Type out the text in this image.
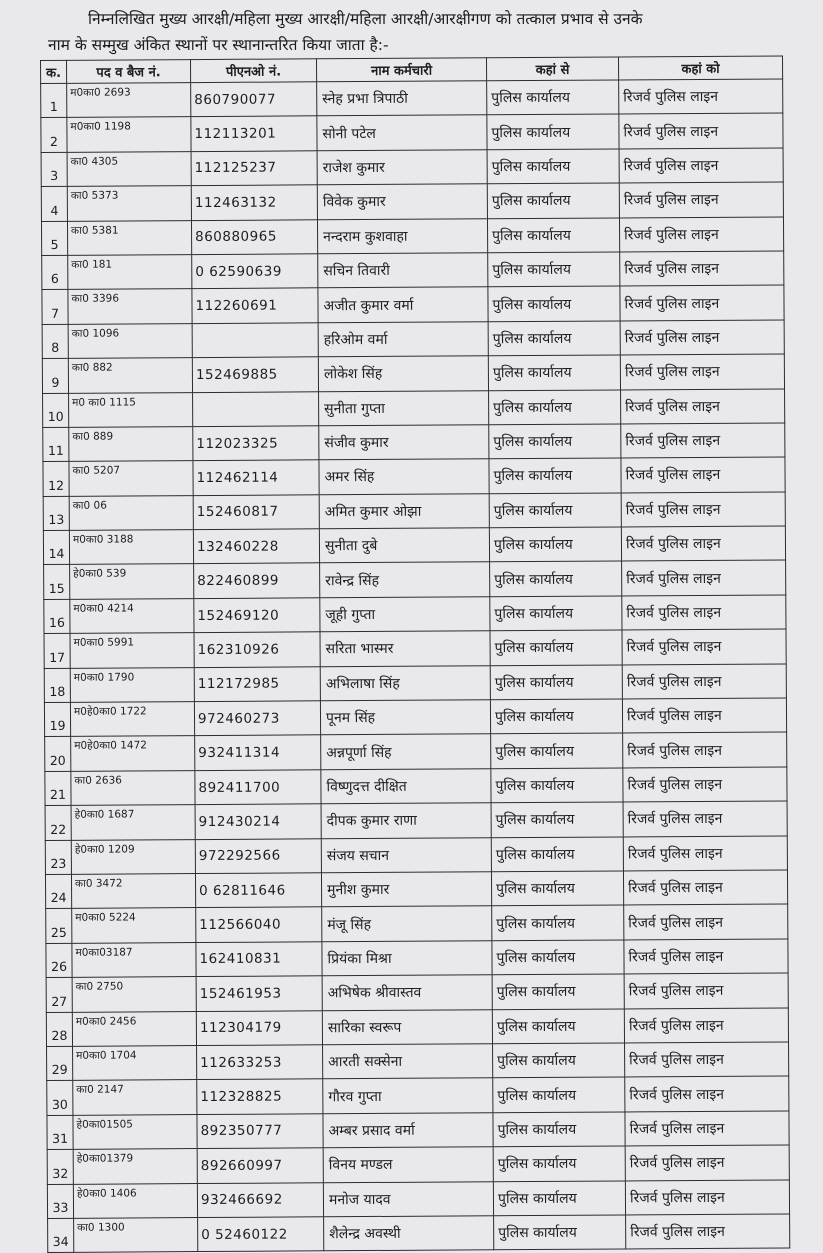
निम्नलिखित मुख्य आरक्षी/महिला मुख्य आरक्षी/महिला आरक्षी/आरक्षीगण को तत्काल प्रभाव से उनके

नाम के सम्मुख अंकित स्थानों पर स्थानान्तरित किया जाता है:-

क.	पद व बैज नं.	पीएनओ नं.	नाम कर्मचारी	कहां से	कहां को
1	म0का0 2693	860790077	स्नेह प्रभा त्रिपाठी	पुलिस कार्यालय	रिजर्व पुलिस लाइन
2	म0का0 1198	112113201	सोनी पटेल	पुलिस कार्यालय	रिजर्व पुलिस लाइन
3	का0 4305	112125237	राजेश कुमार	पुलिस कार्यालय	रिजर्व पुलिस लाइन
4	का0 5373	112463132	विवेक कुमार	पुलिस कार्यालय	रिजर्व पुलिस लाइन
5	का0 5381	860880965	नन्दराम कुशवाहा	पुलिस कार्यालय	रिजर्व पुलिस लाइन
6	का0 181	0 62590639	सचिन तिवारी	पुलिस कार्यालय	रिजर्व पुलिस लाइन
7	का0 3396	112260691	अजीत कुमार वर्मा	पुलिस कार्यालय	रिजर्व पुलिस लाइन
8	का0 1096		हरिओम वर्मा	पुलिस कार्यालय	रिजर्व पुलिस लाइन
9	का0 882	152469885	लोकेश सिंह	पुलिस कार्यालय	रिजर्व पुलिस लाइन
10	म0 का0 1115		सुनीता गुप्ता	पुलिस कार्यालय	रिजर्व पुलिस लाइन
11	का0 889	112023325	संजीव कुमार	पुलिस कार्यालय	रिजर्व पुलिस लाइन
12	का0 5207	112462114	अमर सिंह	पुलिस कार्यालय	रिजर्व पुलिस लाइन
13	का0 06	152460817	अमित कुमार ओझा	पुलिस कार्यालय	रिजर्व पुलिस लाइन
14	म0का0 3188	132460228	सुनीता दुबे	पुलिस कार्यालय	रिजर्व पुलिस लाइन
15	हे0का0 539	822460899	रावेन्द्र सिंह	पुलिस कार्यालय	रिजर्व पुलिस लाइन
16	म0का0 4214	152469120	जूही गुप्ता	पुलिस कार्यालय	रिजर्व पुलिस लाइन
17	म0का0 5991	162310926	सरिता भास्मर	पुलिस कार्यालय	रिजर्व पुलिस लाइन
18	म0का0 1790	112172985	अभिलाषा सिंह	पुलिस कार्यालय	रिजर्व पुलिस लाइन
19	म0हे0का0 1722	972460273	पूनम सिंह	पुलिस कार्यालय	रिजर्व पुलिस लाइन
20	म0हे0का0 1472	932411314	अन्नपूर्णा सिंह	पुलिस कार्यालय	रिजर्व पुलिस लाइन
21	का0 2636	892411700	विष्णुदत्त दीक्षित	पुलिस कार्यालय	रिजर्व पुलिस लाइन
22	हे0का0 1687	912430214	दीपक कुमार राणा	पुलिस कार्यालय	रिजर्व पुलिस लाइन
23	हे0का0 1209	972292566	संजय सचान	पुलिस कार्यालय	रिजर्व पुलिस लाइन
24	का0 3472	0 62811646	मुनीश कुमार	पुलिस कार्यालय	रिजर्व पुलिस लाइन
25	म0का0 5224	112566040	मंजू सिंह	पुलिस कार्यालय	रिजर्व पुलिस लाइन
26	म0का03187	162410831	प्रियंका मिश्रा	पुलिस कार्यालय	रिजर्व पुलिस लाइन
27	का0 2750	152461953	अभिषेक श्रीवास्तव	पुलिस कार्यालय	रिजर्व पुलिस लाइन
28	म0का0 2456	112304179	सारिका स्वरूप	पुलिस कार्यालय	रिजर्व पुलिस लाइन
29	म0का0 1704	112633253	आरती सक्सेना	पुलिस कार्यालय	रिजर्व पुलिस लाइन
30	का0 2147	112328825	गौरव गुप्ता	पुलिस कार्यालय	रिजर्व पुलिस लाइन
31	हे0का01505	892350777	अम्बर प्रसाद वर्मा	पुलिस कार्यालय	रिजर्व पुलिस लाइन
32	हे0का01379	892660997	विनय मण्डल	पुलिस कार्यालय	रिजर्व पुलिस लाइन
33	हे0का0 1406	932466692	मनोज यादव	पुलिस कार्यालय	रिजर्व पुलिस लाइन
34	का0 1300	0 52460122	शैलेन्द्र अवस्थी	पुलिस कार्यालय	रिजर्व पुलिस लाइन
